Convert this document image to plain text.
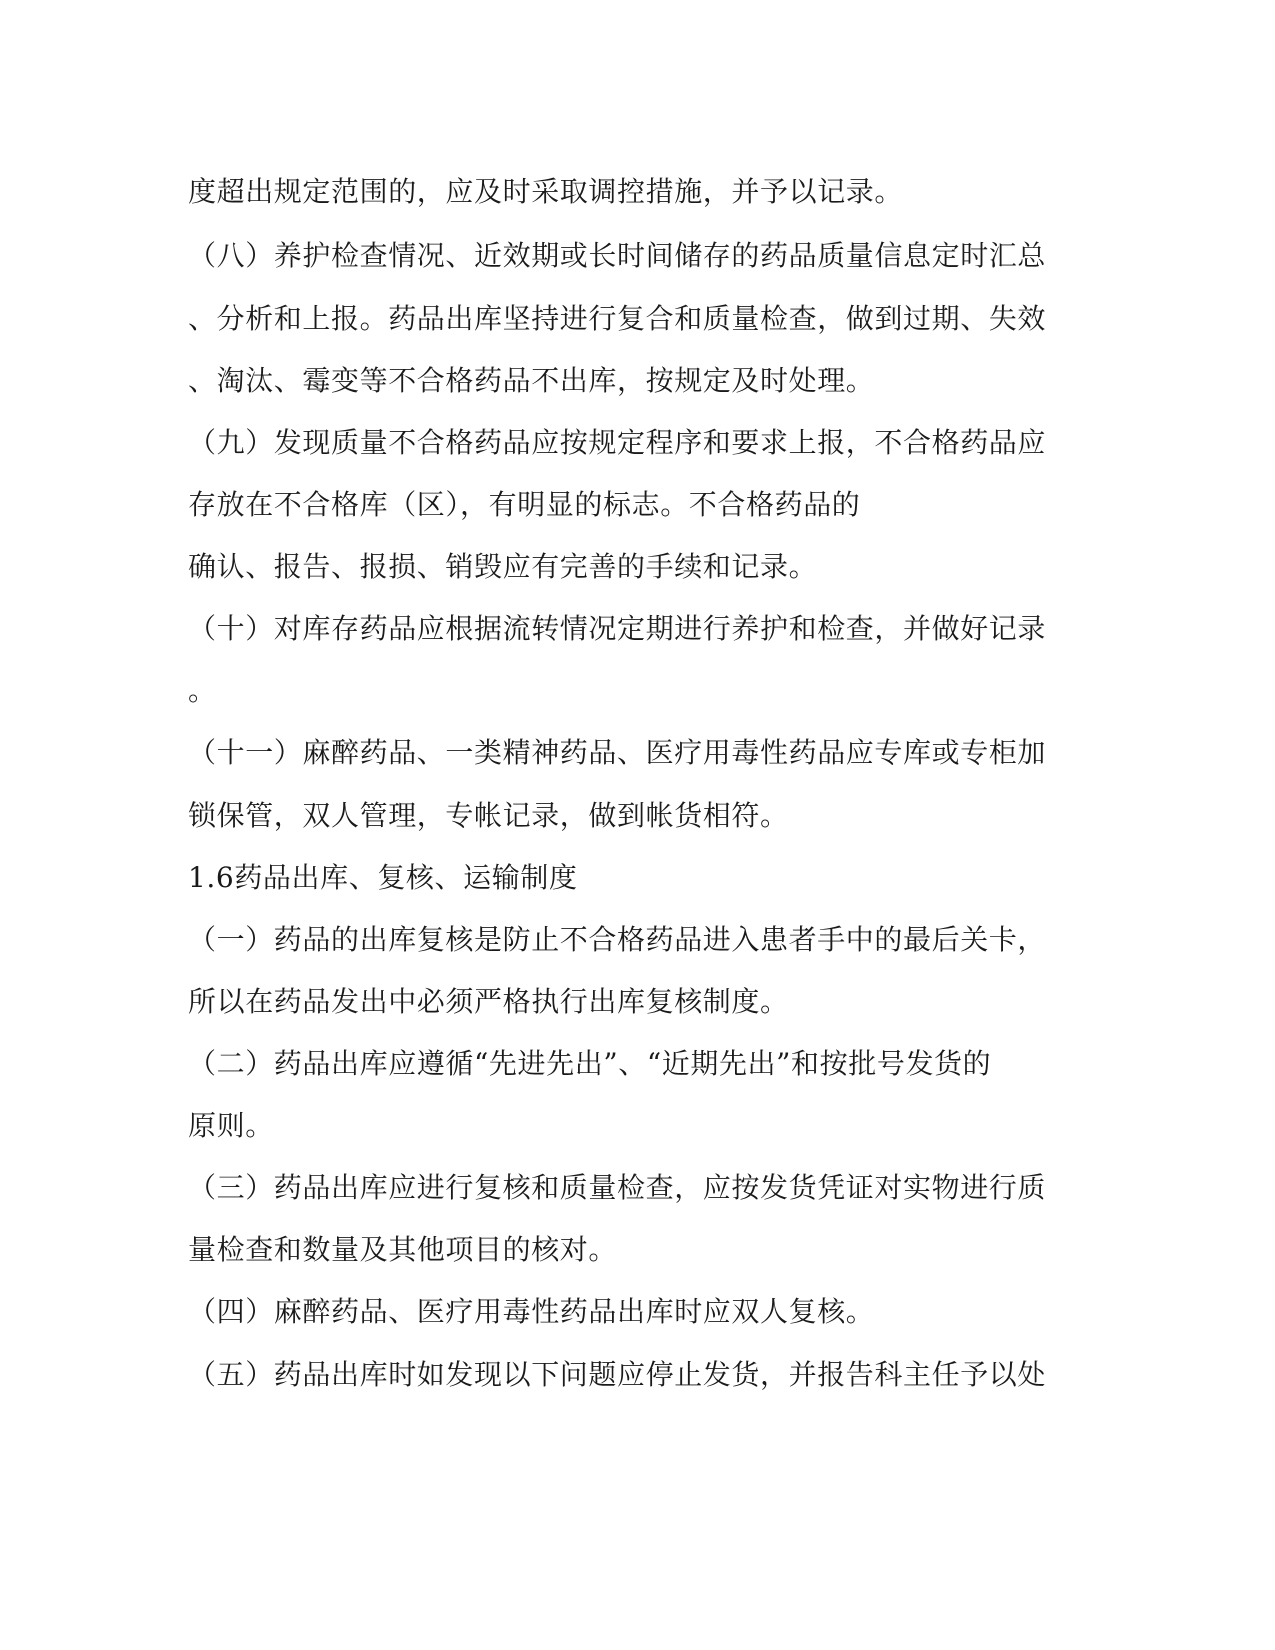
度超出规定范围的，应及时采取调控措施，并予以记录。
（八）养护检查情况、近效期或长时间储存的药品质量信息定时汇总
、分析和上报。药品出库坚持进行复合和质量检查，做到过期、失效
、淘汰、霉变等不合格药品不出库，按规定及时处理。
（九）发现质量不合格药品应按规定程序和要求上报，不合格药品应
存放在不合格库（区），有明显的标志。不合格药品的
确认、报告、报损、销毁应有完善的手续和记录。
（十）对库存药品应根据流转情况定期进行养护和检查，并做好记录
。
（十一）麻醉药品、一类精神药品、医疗用毒性药品应专库或专柜加
锁保管，双人管理，专帐记录，做到帐货相符。
1.6药品出库、复核、运输制度
（一）药品的出库复核是防止不合格药品进入患者手中的最后关卡，
所以在药品发出中必须严格执行出库复核制度。
（二）药品出库应遵循“先进先出”、“近期先出”和按批号发货的
原则。
（三）药品出库应进行复核和质量检查，应按发货凭证对实物进行质
量检查和数量及其他项目的核对。
（四）麻醉药品、医疗用毒性药品出库时应双人复核。
（五）药品出库时如发现以下问题应停止发货，并报告科主任予以处
